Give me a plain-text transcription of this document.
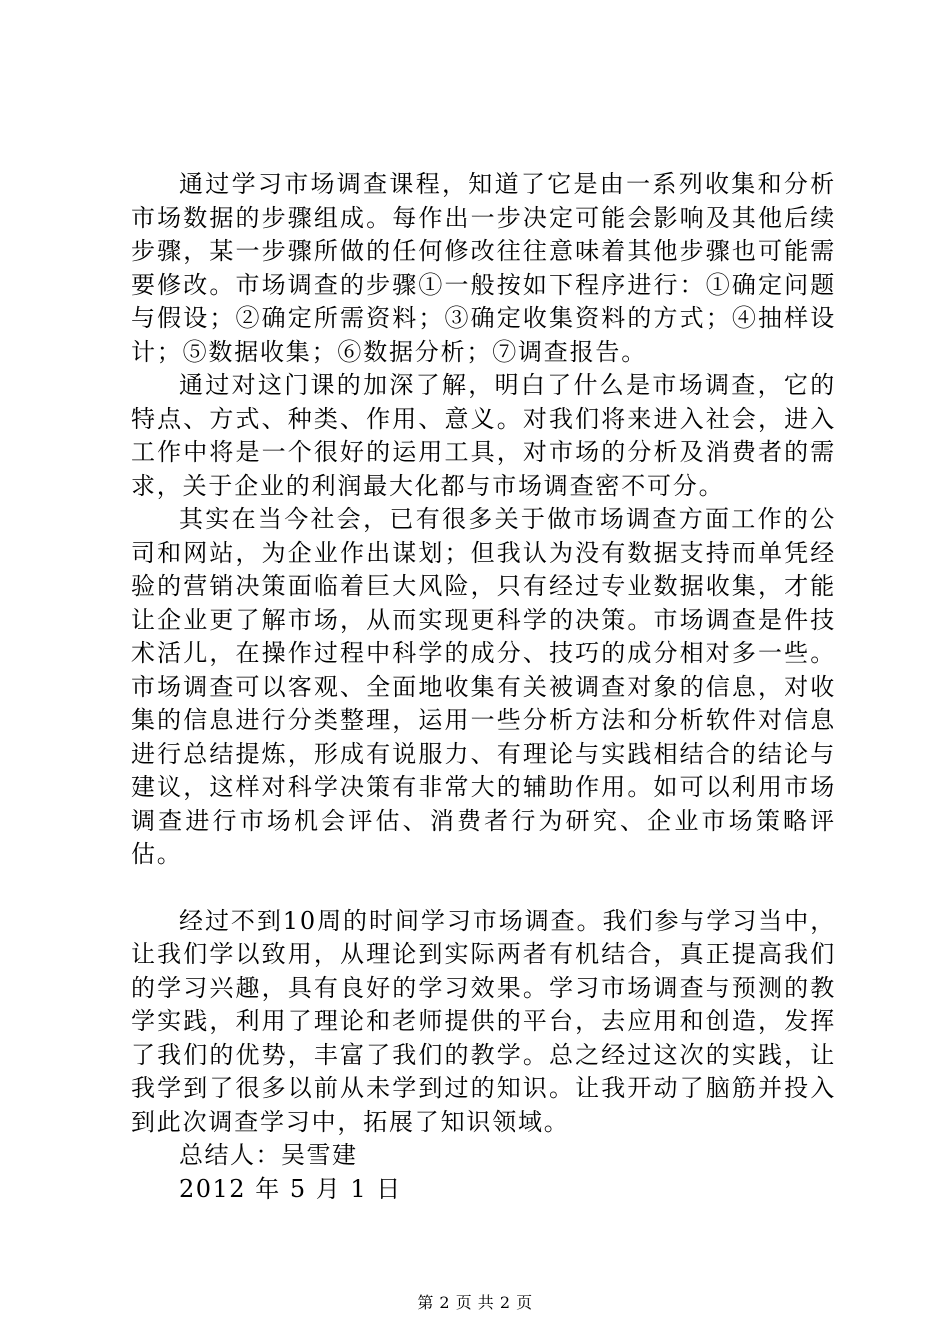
通过学习市场调查课程，知道了它是由一系列收集和分析市场数据的步骤组成。每作出一步决定可能会影响及其他后续步骤，某一步骤所做的任何修改往往意味着其他步骤也可能需要修改。市场调查的步骤①一般按如下程序进行：①确定问题与假设；②确定所需资料；③确定收集资料的方式；④抽样设计；⑤数据收集；⑥数据分析；⑦调查报告。

通过对这门课的加深了解，明白了什么是市场调查，它的特点、方式、种类、作用、意义。对我们将来进入社会，进入工作中将是一个很好的运用工具，对市场的分析及消费者的需求，关于企业的利润最大化都与市场调查密不可分。

其实在当今社会，已有很多关于做市场调查方面工作的公司和网站，为企业作出谋划；但我认为没有数据支持而单凭经验的营销决策面临着巨大风险，只有经过专业数据收集，才能让企业更了解市场，从而实现更科学的决策。市场调查是件技术活儿，在操作过程中科学的成分、技巧的成分相对多一些。市场调查可以客观、全面地收集有关被调查对象的信息，对收集的信息进行分类整理，运用一些分析方法和分析软件对信息进行总结提炼，形成有说服力、有理论与实践相结合的结论与建议，这样对科学决策有非常大的辅助作用。如可以利用市场调查进行市场机会评估、消费者行为研究、企业市场策略评估。

经过不到10周的时间学习市场调查。我们参与学习当中，让我们学以致用，从理论到实际两者有机结合，真正提高我们的学习兴趣，具有良好的学习效果。学习市场调查与预测的教学实践，利用了理论和老师提供的平台，去应用和创造，发挥了我们的优势，丰富了我们的教学。总之经过这次的实践，让我学到了很多以前从未学到过的知识。让我开动了脑筋并投入到此次调查学习中，拓展了知识领域。

总结人：吴雪建

2012 年 5 月 1 日

第 2 页 共 2 页
